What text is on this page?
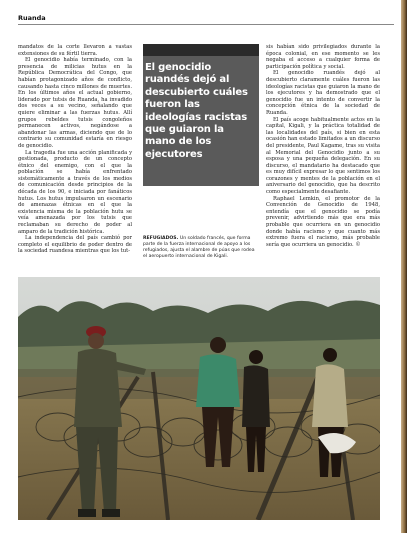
Ruanda

mandatos de la corte llevaron a vastas extensiones de su fértil tierra.

El genocidio había terminado, con la presencia de milicias hutus en la República Democrática del Congo, que habían protagonizado años de conflicto, causando hasta cinco millones de muertes. En los últimos años el actual gobierno, liderado por tutsis de Ruanda, ha invadido dos veces a su vecino, señalando que quiere eliminar a las fuerzas hutus. Allí grupos rebeldes tutsis congoleños permanecen activos, negándose a abandonar las armas, diciendo que de lo contrario su comunidad estaría en riesgo de genocidio.

La tragedia fue una acción planificada y gestionada, producto de un concepto étnico del enemigo, con el que la población se había enfrentado sistemáticamente a través de los medios de comunicación desde principios de la década de los 90, e iniciada por fanáticos hutus. Los hutus impulsaron un escenario de amenazas étnicas en el que la existencia misma de la población hutu se veía amenazada por los tutsis que reclamaban su derecho de poder al amparo de la tradición histórica.

La independencia del país cambió por completo el equilibrio de poder dentro de la sociedad ruandesa mientras que los tut-

El genocidio ruandés dejó al descubierto cuáles fueron las ideologías racistas que guiaron la mano de los ejecutores
REFUGIADOS. Un soldado francés, que forma parte de la fuerza internacional de apoyo a los refugiados, ajusta el alambre de púas que rodea el aeropuerto internacional de Kigali.

sis habían sido privilegiados durante la época colonial, en ese momento se les negaba el acceso a cualquier forma de participación política y social.

El genocidio ruandés dejó al descubierto claramente cuáles fueron las ideologías racistas que guiaron la mano de los ejecutores y ha demostrado que el genocidio fue un intento de convertir la concepción étnica de la sociedad de Ruanda.

El país acoge habitualmente actos en la capital, Kigali, y la práctica totalidad de las localidades del país, si bien en esta ocasión han estado limitados a un discurso del presidente, Paul Kagame, tras su visita al Memorial del Genocidio junto a su esposa y una pequeña delegación. En su discurso, el mandatario ha destacado que es muy difícil expresar lo que sentimos los corazones y mentes de la población en el aniversario del genocidio, que ha descrito como especialmente desafiante.

Raphael Lemkin, el promotor de la Convención de Genocidio de 1948, entendía que el genocidio se podía prevenir, advirtiendo más que era más probable que ocurriera en un genocidio donde había racismo y que cuanto más extremo fuera el racismo, más probable sería que ocurriera un genocidio. ©
